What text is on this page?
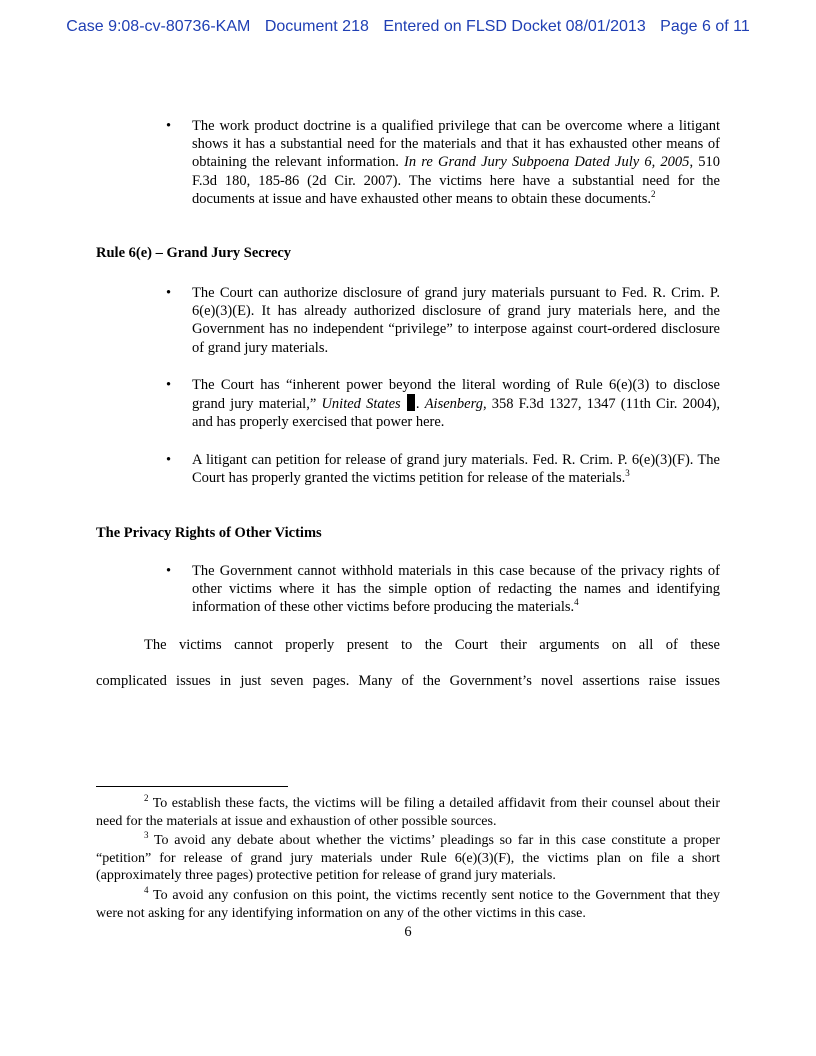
Case 9:08-cv-80736-KAM Document 218 Entered on FLSD Docket 08/01/2013 Page 6 of 11
• The work product doctrine is a qualified privilege that can be overcome where a litigant shows it has a substantial need for the materials and that it has exhausted other means of obtaining the relevant information. In re Grand Jury Subpoena Dated July 6, 2005, 510 F.3d 180, 185-86 (2d Cir. 2007). The victims here have a substantial need for the documents at issue and have exhausted other means to obtain these documents.$^2$
Rule 6(e) – Grand Jury Secrecy
• The Court can authorize disclosure of grand jury materials pursuant to Fed. R. Crim. P. 6(e)(3)(E). It has already authorized disclosure of grand jury materials here, and the Government has no independent “privilege” to interpose against court-ordered disclosure of grand jury materials.
• The Court has “inherent power beyond the literal wording of Rule 6(e)(3) to disclose grand jury material,” United States . Aisenberg, 358 F.3d 1327, 1347 (11th Cir. 2004), and has properly exercised that power here.
• A litigant can petition for release of grand jury materials. Fed. R. Crim. P. 6(e)(3)(F). The Court has properly granted the victims petition for release of the materials.$^3$
The Privacy Rights of Other Victims
• The Government cannot withhold materials in this case because of the privacy rights of other victims where it has the simple option of redacting the names and identifying information of these other victims before producing the materials.$^4$
The victims cannot properly present to the Court their arguments on all of these
complicated issues in just seven pages. Many of the Government’s novel assertions raise issues
$^2$ To establish these facts, the victims will be filing a detailed affidavit from their counsel about their need for the materials at issue and exhaustion of other possible sources.
$^3$ To avoid any debate about whether the victims’ pleadings so far in this case constitute a proper “petition” for release of grand jury materials under Rule 6(e)(3)(F), the victims plan on file a short (approximately three pages) protective petition for release of grand jury materials.
$^4$ To avoid any confusion on this point, the victims recently sent notice to the Government that they were not asking for any identifying information on any of the other victims in this case.
6
